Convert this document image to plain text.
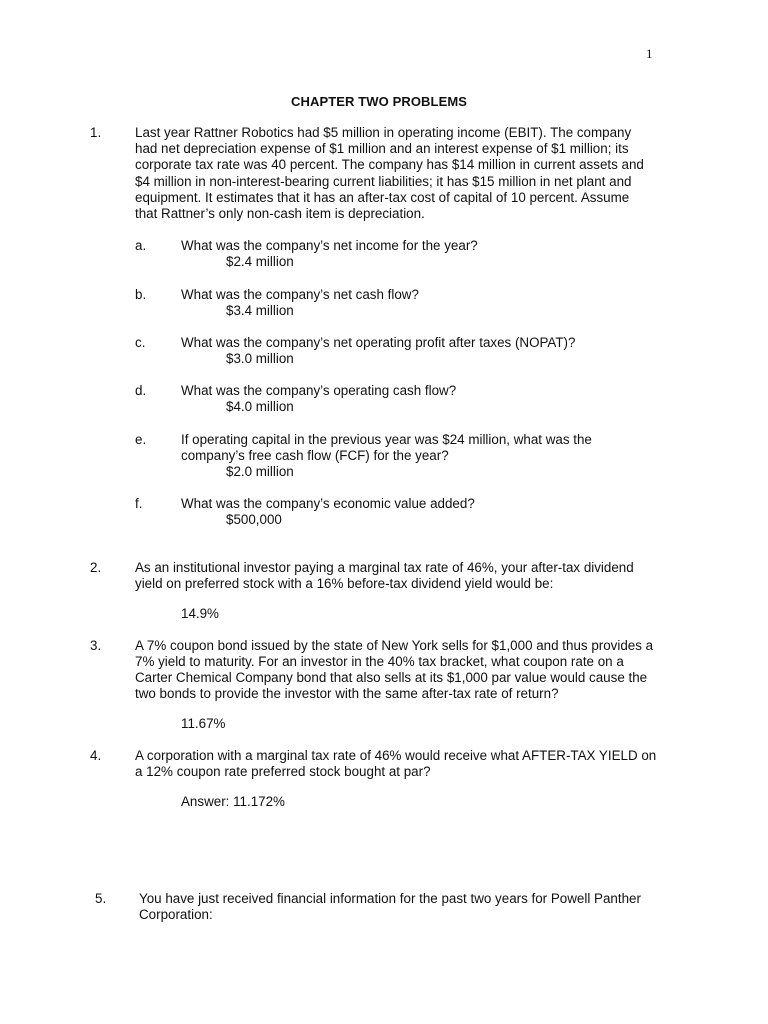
1
CHAPTER TWO PROBLEMS
1.	Last year Rattner Robotics had $5 million in operating income (EBIT). The company
had net depreciation expense of $1 million and an interest expense of $1 million; its
corporate tax rate was 40 percent. The company has $14 million in current assets and
$4 million in non-interest-bearing current liabilities; it has $15 million in net plant and
equipment. It estimates that it has an after-tax cost of capital of 10 percent. Assume
that Rattner’s only non-cash item is depreciation.
a.	What was the company’s net income for the year?
$2.4 million
b.	What was the company’s net cash flow?
$3.4 million
c.	What was the company’s net operating profit after taxes (NOPAT)?
$3.0 million
d.	What was the company’s operating cash flow?
$4.0 million
e.	If operating capital in the previous year was $24 million, what was the
company’s free cash flow (FCF) for the year?
$2.0 million
f.	What was the company’s economic value added?
$500,000
2.	As an institutional investor paying a marginal tax rate of 46%, your after-tax dividend
yield on preferred stock with a 16% before-tax dividend yield would be:
14.9%
3.	A 7% coupon bond issued by the state of New York sells for $1,000 and thus provides a
7% yield to maturity. For an investor in the 40% tax bracket, what coupon rate on a
Carter Chemical Company bond that also sells at its $1,000 par value would cause the
two bonds to provide the investor with the same after-tax rate of return?
11.67%
4.	A corporation with a marginal tax rate of 46% would receive what AFTER-TAX YIELD on
a 12% coupon rate preferred stock bought at par?
Answer: 11.172%
5.	You have just received financial information for the past two years for Powell Panther
Corporation:
